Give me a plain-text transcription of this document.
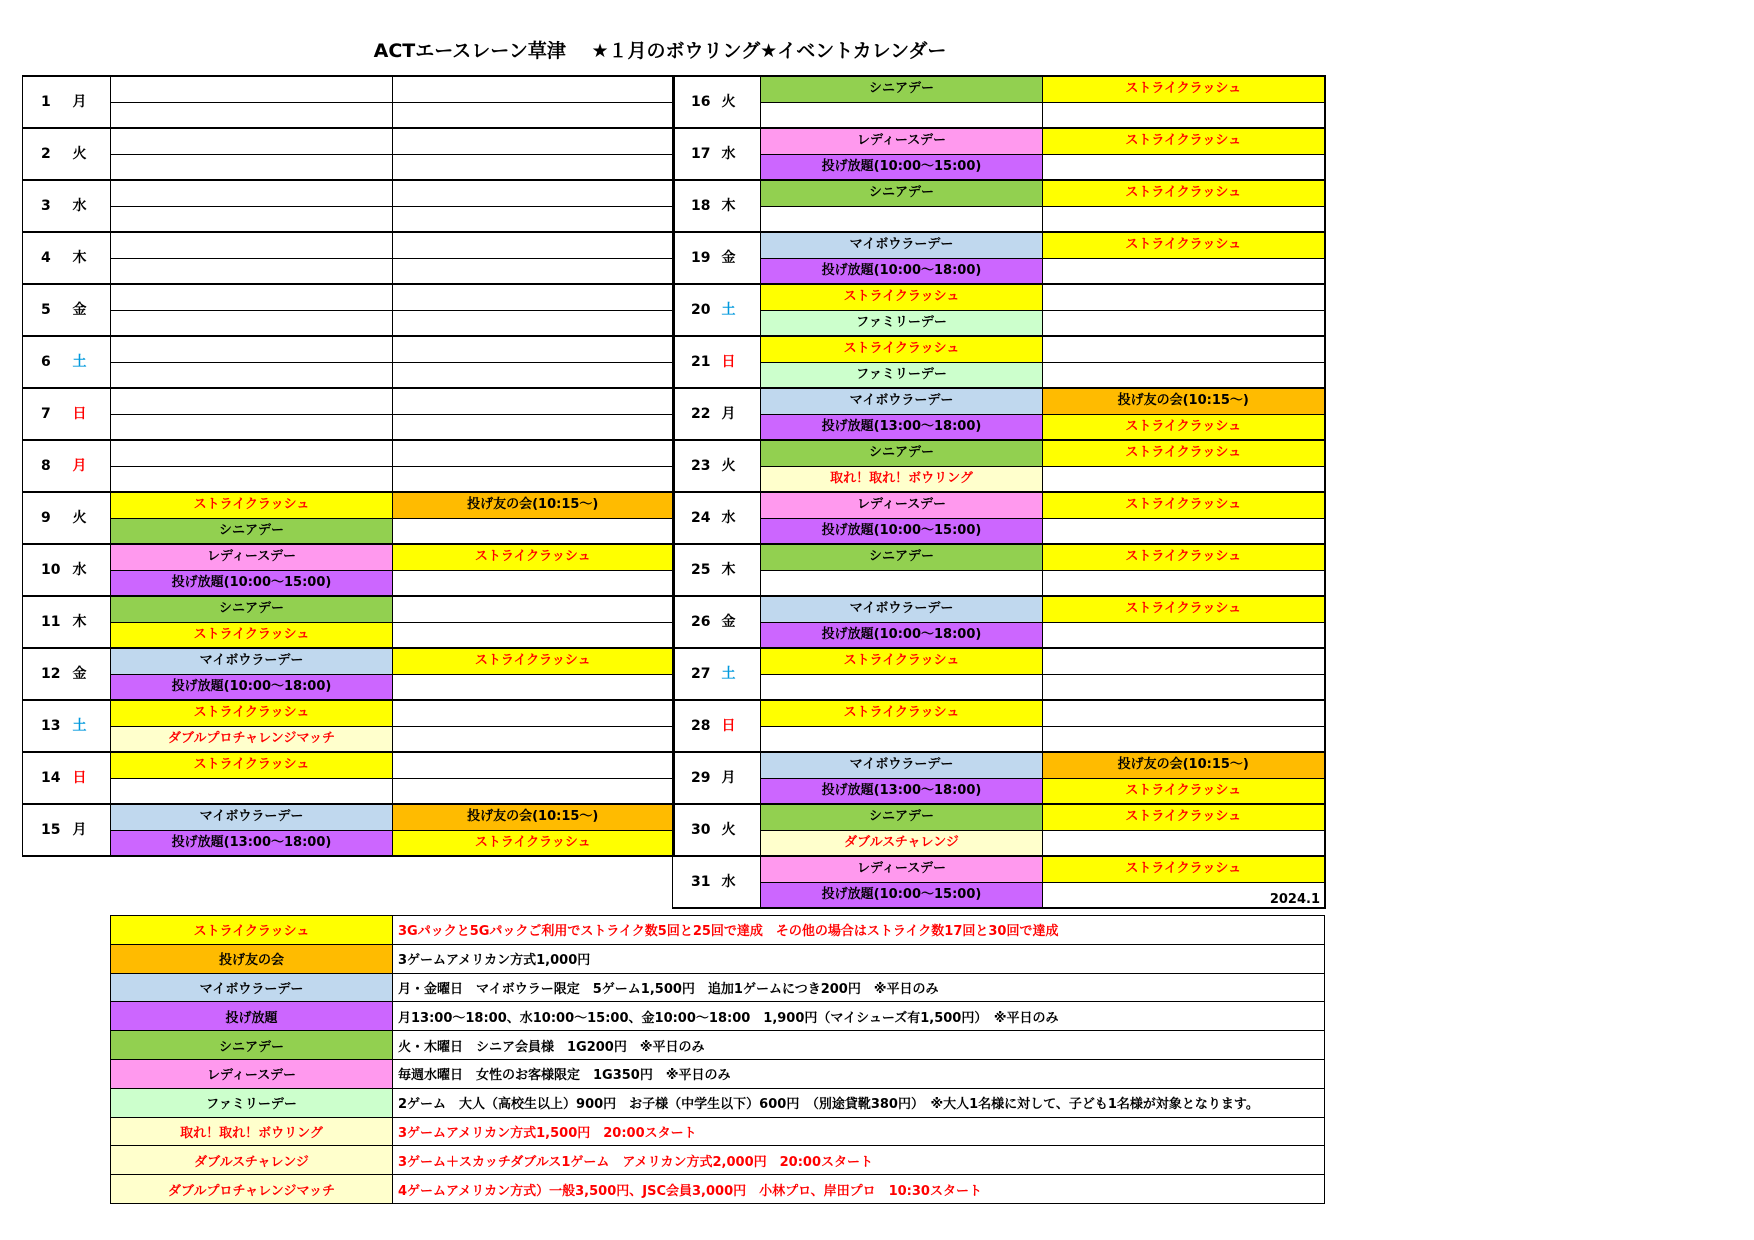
ACTエースレーン草津　 ★１月のボウリング★イベントカレンダー
1	月		

2	火		

3	水		

4	木		

5	金		

6	土		

7	日		

8	月		

9	火	ストライクラッシュ	投げ友の会(10:15～)
		シニアデー	
10	水	レディースデー	ストライクラッシュ
		投げ放題(10:00～15:00)	
11	木	シニアデー	
		ストライクラッシュ	
12	金	マイボウラーデー	ストライクラッシュ
		投げ放題(10:00～18:00)	
13	土	ストライクラッシュ	
		ダブルプロチャレンジマッチ	
14	日	ストライクラッシュ	

15	月	マイボウラーデー	投げ友の会(10:15～)
		投げ放題(13:00～18:00)	ストライクラッシュ
16	火	シニアデー	ストライクラッシュ

17	水	レディースデー	ストライクラッシュ
		投げ放題(10:00～15:00)	
18	木	シニアデー	ストライクラッシュ

19	金	マイボウラーデー	ストライクラッシュ
		投げ放題(10:00～18:00)	
20	土	ストライクラッシュ	
		ファミリーデー	
21	日	ストライクラッシュ	
		ファミリーデー	
22	月	マイボウラーデー	投げ友の会(10:15～)
		投げ放題(13:00～18:00)	ストライクラッシュ
23	火	シニアデー	ストライクラッシュ
		取れ！取れ！ボウリング	
24	水	レディースデー	ストライクラッシュ
		投げ放題(10:00～15:00)	
25	木	シニアデー	ストライクラッシュ

26	金	マイボウラーデー	ストライクラッシュ
		投げ放題(10:00～18:00)	
27	土	ストライクラッシュ	

28	日	ストライクラッシュ	

29	月	マイボウラーデー	投げ友の会(10:15～)
		投げ放題(13:00～18:00)	ストライクラッシュ
30	火	シニアデー	ストライクラッシュ
		ダブルスチャレンジ	
31	水	レディースデー	ストライクラッシュ
		投げ放題(10:00～15:00)		2024.1
ストライクラッシュ	3Gパックと5Gパックご利用でストライク数5回と25回で達成　その他の場合はストライク数17回と30回で達成
投げ友の会	3ゲームアメリカン方式1,000円
マイボウラーデー	月・金曜日　マイボウラー限定　5ゲーム1,500円　追加1ゲームにつき200円　※平日のみ
投げ放題	月13:00～18:00、水10:00～15:00、金10:00～18:00　1,900円（マイシューズ有1,500円）　※平日のみ
シニアデー	火・木曜日　シニア会員様　1G200円　※平日のみ
レディースデー	毎週水曜日　女性のお客様限定　1G350円　※平日のみ
ファミリーデー	2ゲーム　大人（高校生以上）900円　お子様（中学生以下）600円　（別途貸靴380円）　※大人1名様に対して、子ども1名様が対象となります。
取れ！取れ！ボウリング	3ゲームアメリカン方式1,500円　20:00スタート
ダブルスチャレンジ	3ゲーム＋スカッチダブルス1ゲーム　アメリカン方式2,000円　20:00スタート
ダブルプロチャレンジマッチ	4ゲームアメリカン方式）一般3,500円、JSC会員3,000円　小林プロ、岸田プロ　10:30スタート
